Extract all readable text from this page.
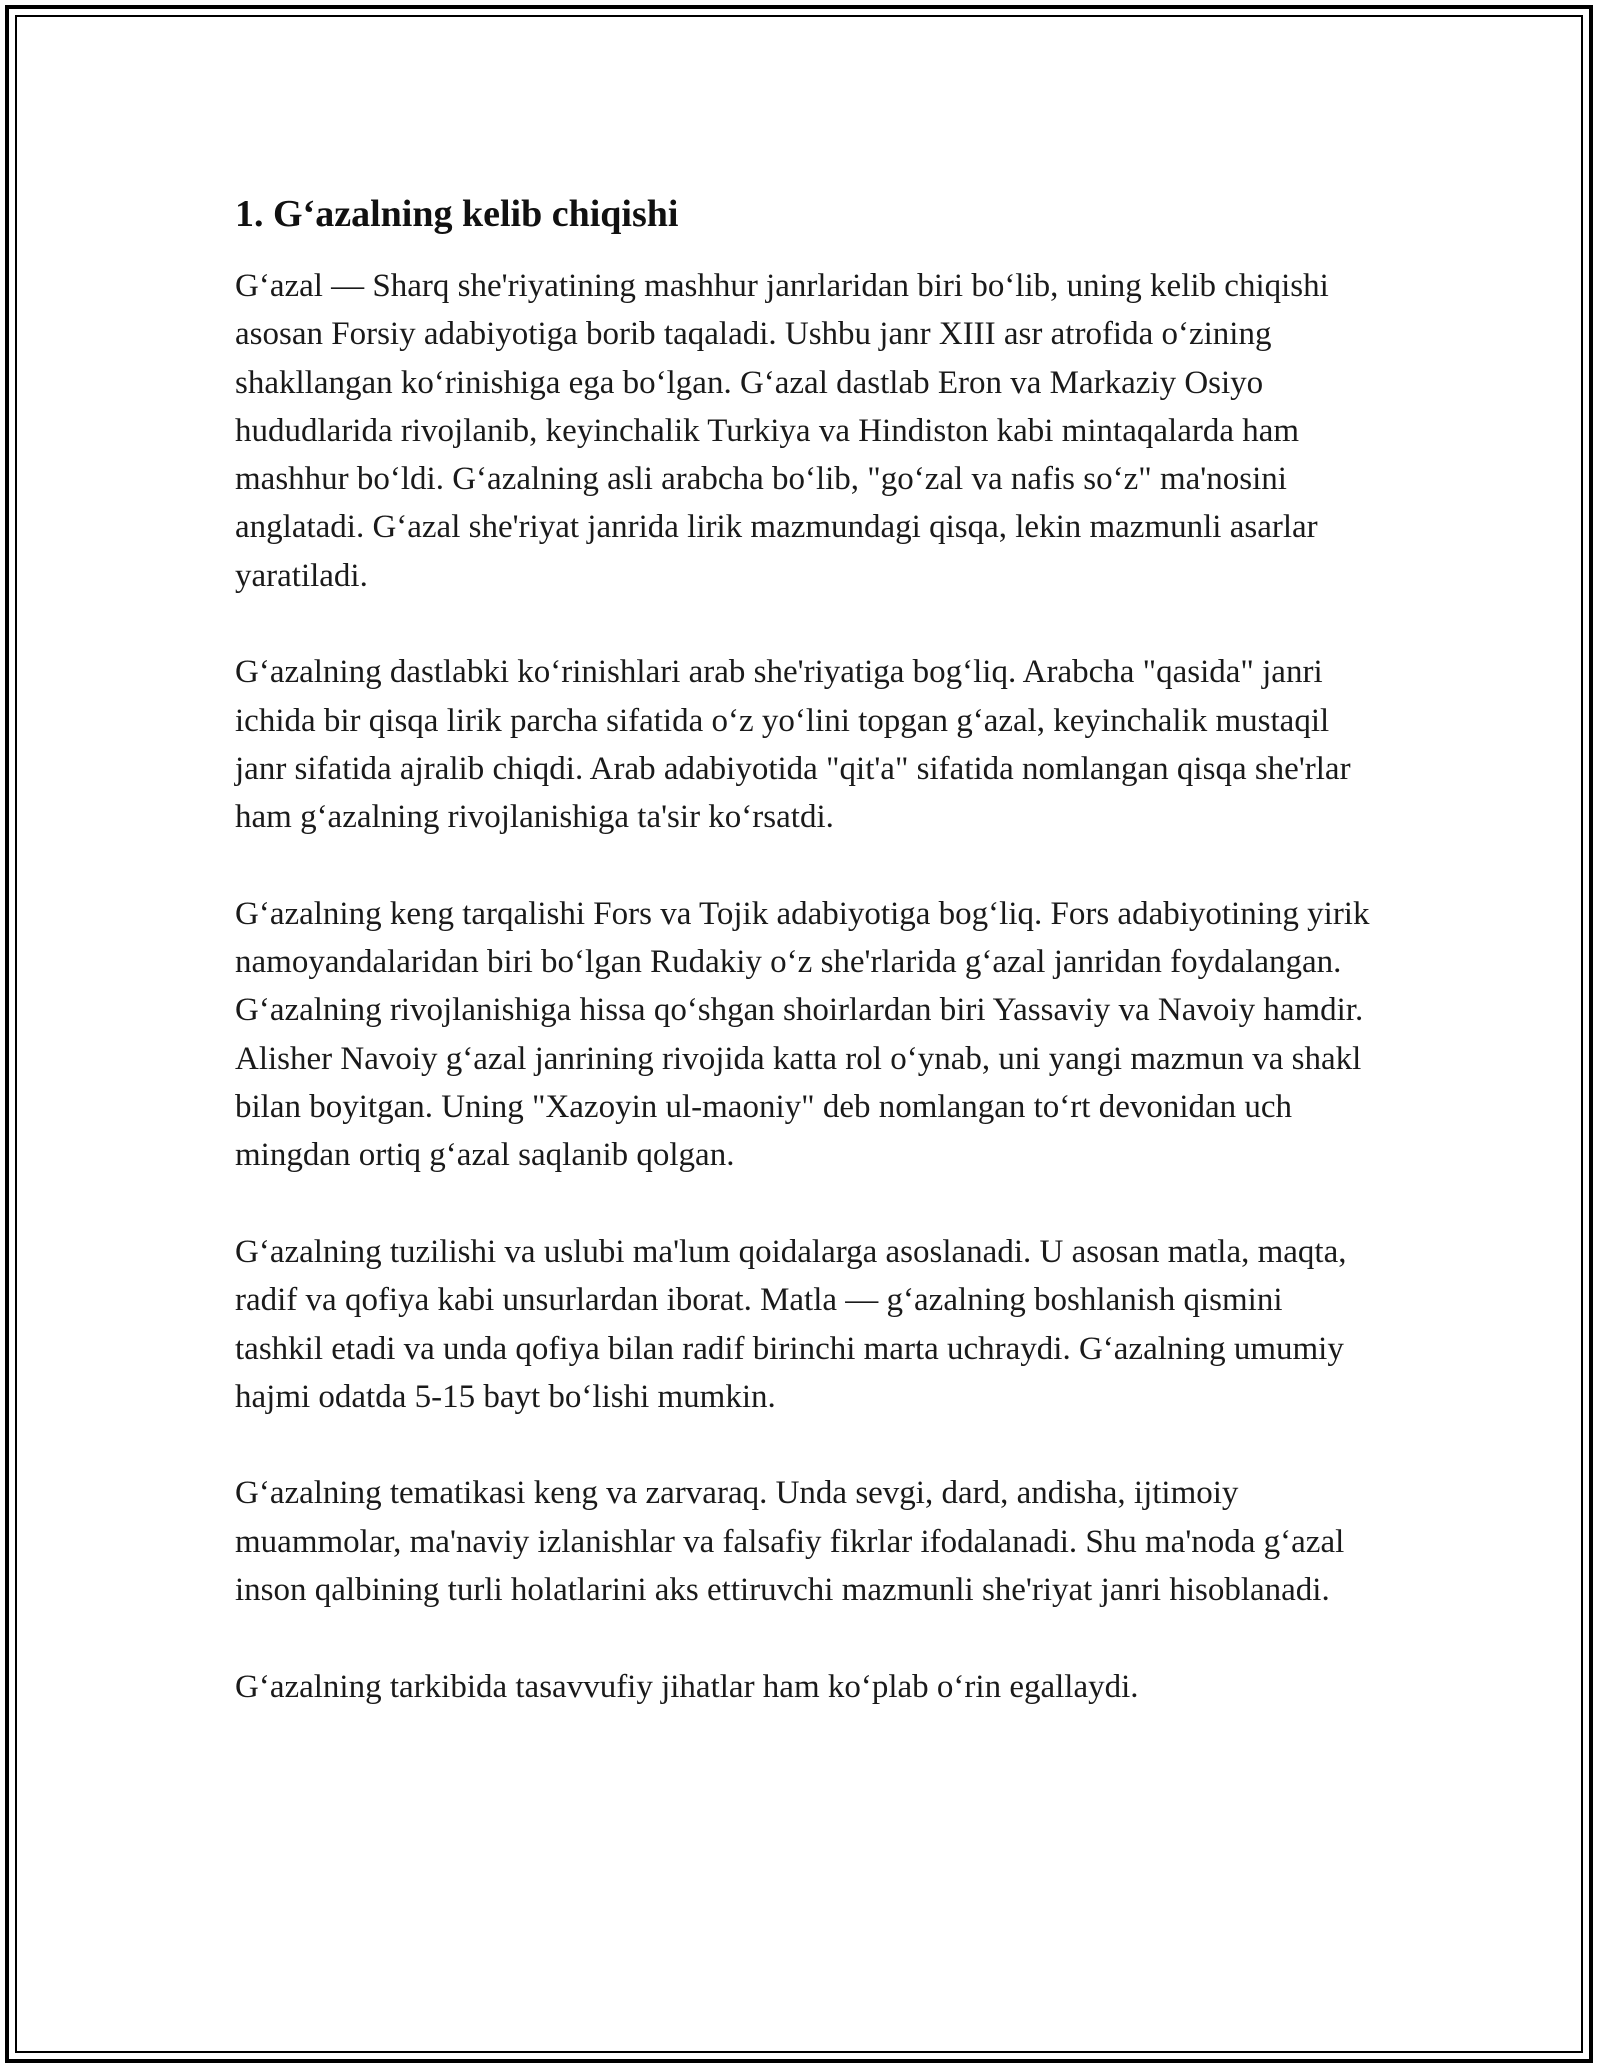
1. G‘azalning kelib chiqishi

G‘azal — Sharq she'riyatining mashhur janrlaridan biri bo‘lib, uning kelib chiqishi asosan Forsiy adabiyotiga borib taqaladi. Ushbu janr XIII asr atrofida o‘zining shakllangan ko‘rinishiga ega bo‘lgan. G‘azal dastlab Eron va Markaziy Osiyo hududlarida rivojlanib, keyinchalik Turkiya va Hindiston kabi mintaqalarda ham mashhur bo‘ldi. G‘azalning asli arabcha bo‘lib, "go‘zal va nafis so‘z" ma'nosini anglatadi. G‘azal she'riyat janrida lirik mazmundagi qisqa, lekin mazmunli asarlar yaratiladi.

G‘azalning dastlabki ko‘rinishlari arab she'riyatiga bog‘liq. Arabcha "qasida" janri ichida bir qisqa lirik parcha sifatida o‘z yo‘lini topgan g‘azal, keyinchalik mustaqil janr sifatida ajralib chiqdi. Arab adabiyotida "qit'a" sifatida nomlangan qisqa she'rlar ham g‘azalning rivojlanishiga ta'sir ko‘rsatdi.

G‘azalning keng tarqalishi Fors va Tojik adabiyotiga bog‘liq. Fors adabiyotining yirik namoyandalaridan biri bo‘lgan Rudakiy o‘z she'rlarida g‘azal janridan foydalangan. G‘azalning rivojlanishiga hissa qo‘shgan shoirlardan biri Yassaviy va Navoiy hamdir. Alisher Navoiy g‘azal janrining rivojida katta rol o‘ynab, uni yangi mazmun va shakl bilan boyitgan. Uning "Xazoyin ul-maoniy" deb nomlangan to‘rt devonidan uch mingdan ortiq g‘azal saqlanib qolgan.

G‘azalning tuzilishi va uslubi ma'lum qoidalarga asoslanadi. U asosan matla, maqta, radif va qofiya kabi unsurlardan iborat. Matla — g‘azalning boshlanish qismini tashkil etadi va unda qofiya bilan radif birinchi marta uchraydi. G‘azalning umumiy hajmi odatda 5-15 bayt bo‘lishi mumkin.

G‘azalning tematikasi keng va zarvaraq. Unda sevgi, dard, andisha, ijtimoiy muammolar, ma'naviy izlanishlar va falsafiy fikrlar ifodalanadi. Shu ma'noda g‘azal inson qalbining turli holatlarini aks ettiruvchi mazmunli she'riyat janri hisoblanadi.

G‘azalning tarkibida tasavvufiy jihatlar ham ko‘plab o‘rin egallaydi.
